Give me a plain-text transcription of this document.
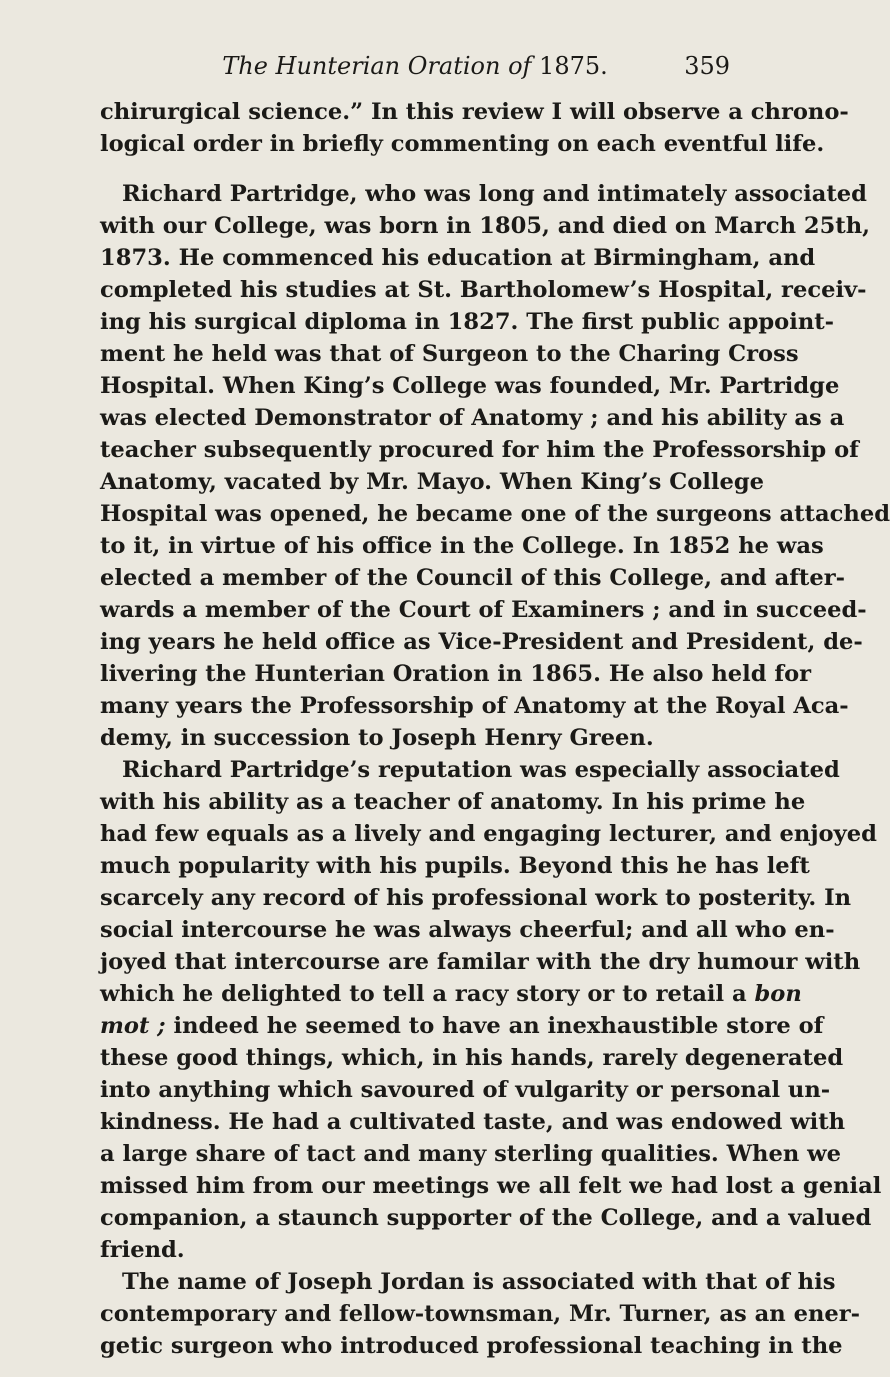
The Hunterian Oration of 1875.	359
chirurgical science.” In this review I will observe a chrono-
logical order in briefly commenting on each eventful life.
Richard Partridge, who was long and intimately associated
with our College, was born in 1805, and died on March 25th,
1873. He commenced his education at Birmingham, and
completed his studies at St. Bartholomew’s Hospital, receiv-
ing his surgical diploma in 1827. The first public appoint-
ment he held was that of Surgeon to the Charing Cross
Hospital. When King’s College was founded, Mr. Partridge
was elected Demonstrator of Anatomy ; and his ability as a
teacher subsequently procured for him the Professorship of
Anatomy, vacated by Mr. Mayo. When King’s College
Hospital was opened, he became one of the surgeons attached
to it, in virtue of his office in the College. In 1852 he was
elected a member of the Council of this College, and after-
wards a member of the Court of Examiners ; and in succeed-
ing years he held office as Vice-President and President, de-
livering the Hunterian Oration in 1865. He also held for
many years the Professorship of Anatomy at the Royal Aca-
demy, in succession to Joseph Henry Green.
Richard Partridge’s reputation was especially associated
with his ability as a teacher of anatomy. In his prime he
had few equals as a lively and engaging lecturer, and enjoyed
much popularity with his pupils. Beyond this he has left
scarcely any record of his professional work to posterity. In
social intercourse he was always cheerful; and all who en-
joyed that intercourse are familar with the dry humour with
which he delighted to tell a racy story or to retail a bon
mot ; indeed he seemed to have an inexhaustible store of
these good things, which, in his hands, rarely degenerated
into anything which savoured of vulgarity or personal un-
kindness. He had a cultivated taste, and was endowed with
a large share of tact and many sterling qualities. When we
missed him from our meetings we all felt we had lost a genial
companion, a staunch supporter of the College, and a valued
friend.
The name of Joseph Jordan is associated with that of his
contemporary and fellow-townsman, Mr. Turner, as an ener-
getic surgeon who introduced professional teaching in the
